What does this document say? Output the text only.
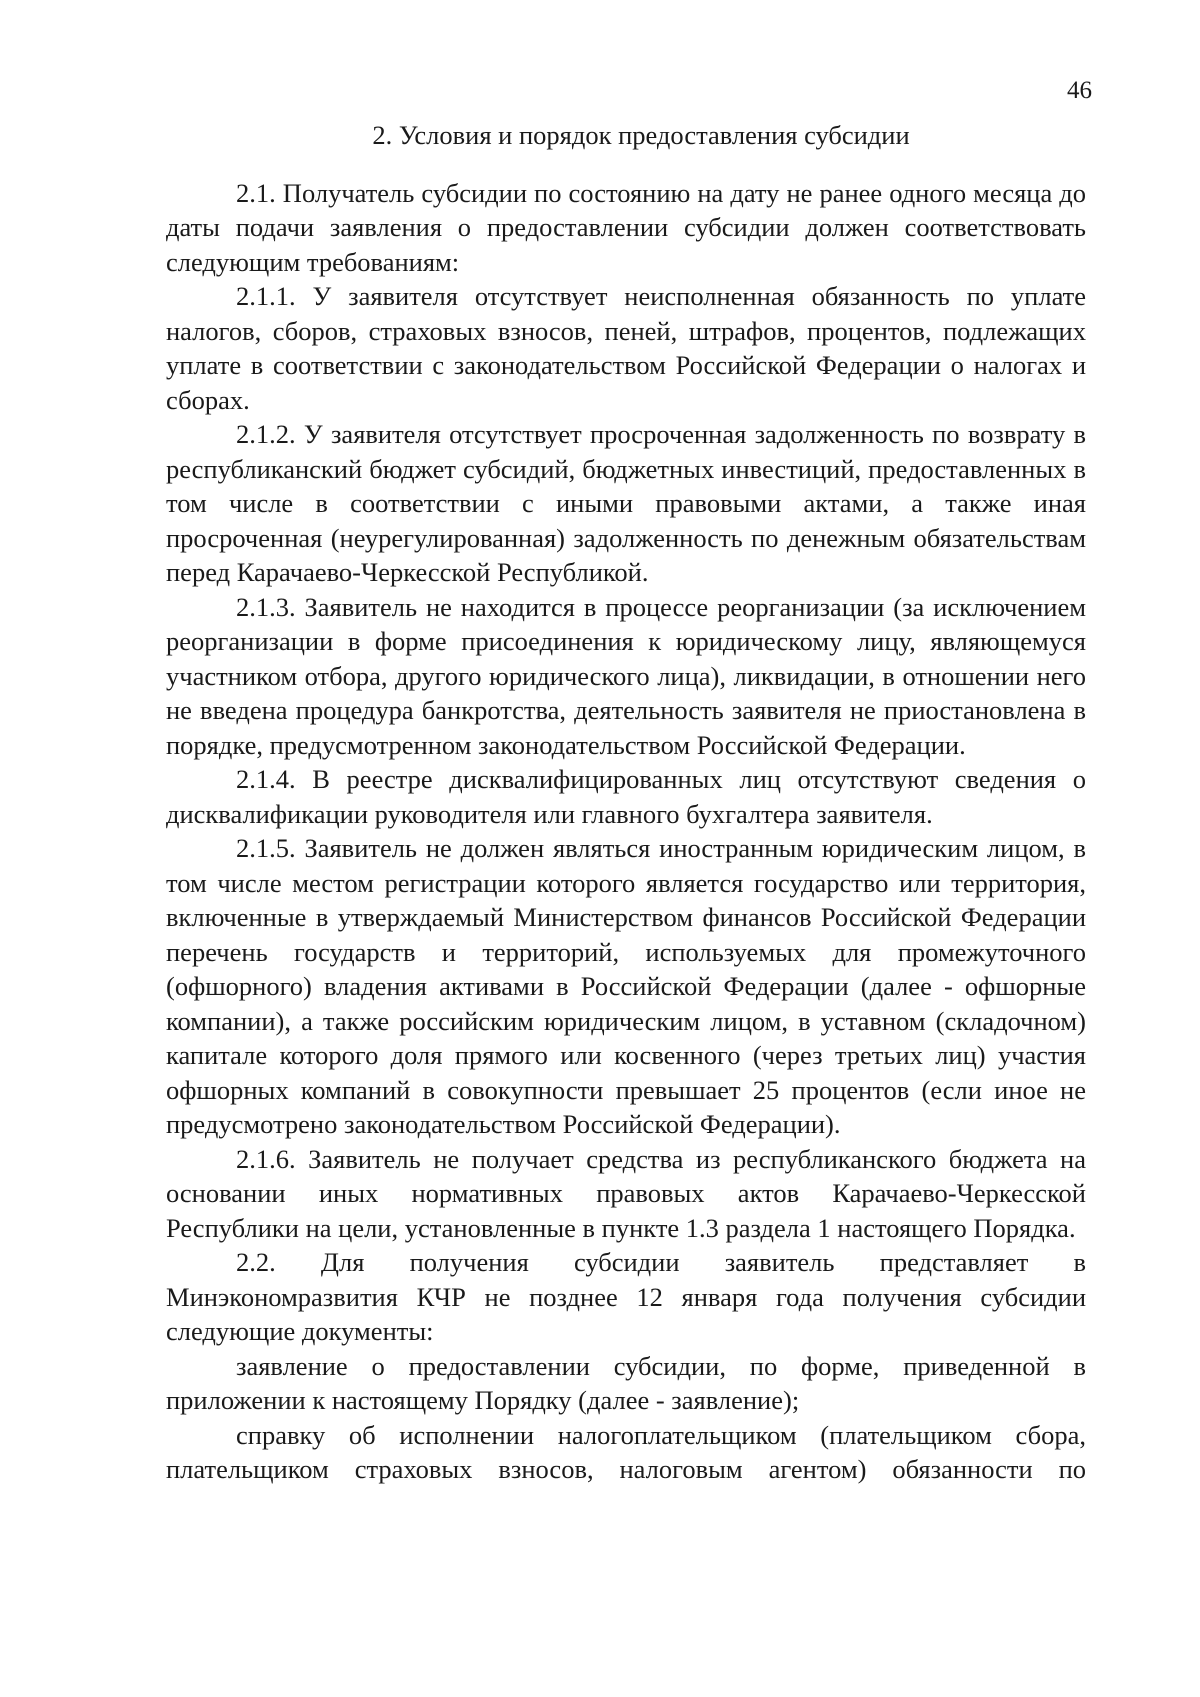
46
2. Условия и порядок предоставления субсидии

2.1. Получатель субсидии по состоянию на дату не ранее одного месяца до даты подачи заявления о предоставлении субсидии должен соответствовать следующим требованиям:

2.1.1. У заявителя отсутствует неисполненная обязанность по уплате налогов, сборов, страховых взносов, пеней, штрафов, процентов, подлежащих уплате в соответствии с законодательством Российской Федерации о налогах и сборах.

2.1.2. У заявителя отсутствует просроченная задолженность по возврату в республиканский бюджет субсидий, бюджетных инвестиций, предоставленных в том числе в соответствии с иными правовыми актами, а также иная просроченная (неурегулированная) задолженность по денежным обязательствам перед Карачаево-Черкесской Республикой.

2.1.3. Заявитель не находится в процессе реорганизации (за исключением реорганизации в форме присоединения к юридическому лицу, являющемуся участником отбора, другого юридического лица), ликвидации, в отношении него не введена процедура банкротства, деятельность заявителя не приостановлена в порядке, предусмотренном законодательством Российской Федерации.

2.1.4. В реестре дисквалифицированных лиц отсутствуют сведения о дисквалификации руководителя или главного бухгалтера заявителя.

2.1.5. Заявитель не должен являться иностранным юридическим лицом, в том числе местом регистрации которого является государство или территория, включенные в утверждаемый Министерством финансов Российской Федерации перечень государств и территорий, используемых для промежуточного (офшорного) владения активами в Российской Федерации (далее - офшорные компании), а также российским юридическим лицом, в уставном (складочном) капитале которого доля прямого или косвенного (через третьих лиц) участия офшорных компаний в совокупности превышает 25 процентов (если иное не предусмотрено законодательством Российской Федерации).

2.1.6. Заявитель не получает средства из республиканского бюджета на основании иных нормативных правовых актов Карачаево-Черкесской Республики на цели, установленные в пункте 1.3 раздела 1 настоящего Порядка.

2.2. Для получения субсидии заявитель представляет в Минэкономразвития КЧР не позднее 12 января года получения субсидии следующие документы:

заявление о предоставлении субсидии, по форме, приведенной в приложении к настоящему Порядку (далее - заявление);

справку об исполнении налогоплательщиком (плательщиком сбора, плательщиком страховых взносов, налоговым агентом) обязанности по
